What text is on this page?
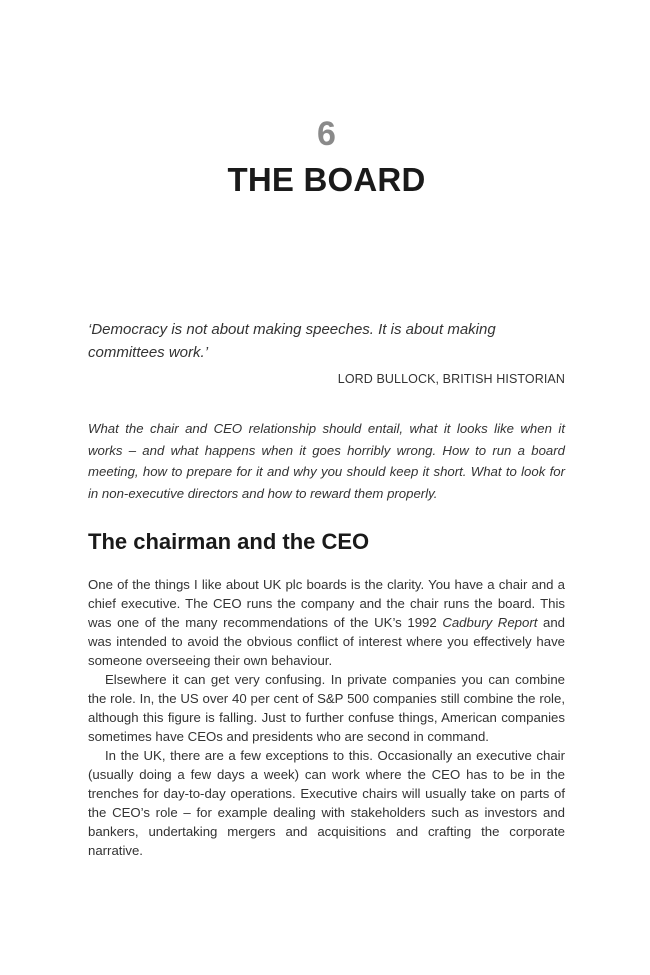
6
THE BOARD

‘Democracy is not about making speeches. It is about making committees work.’

LORD BULLOCK, BRITISH HISTORIAN

What the chair and CEO relationship should entail, what it looks like when it works – and what happens when it goes horribly wrong. How to run a board meeting, how to prepare for it and why you should keep it short. What to look for in non-executive directors and how to reward them properly.

The chairman and the CEO

One of the things I like about UK plc boards is the clarity. You have a chair and a chief executive. The CEO runs the company and the chair runs the board. This was one of the many recommendations of the UK’s 1992 Cadbury Report and was intended to avoid the obvious conflict of interest where you effectively have someone overseeing their own behaviour.

Elsewhere it can get very confusing. In private companies you can combine the role. In, the US over 40 per cent of S&P 500 companies still combine the role, although this figure is falling. Just to further confuse things, American companies sometimes have CEOs and presidents who are second in command.

In the UK, there are a few exceptions to this. Occasionally an executive chair (usually doing a few days a week) can work where the CEO has to be in the trenches for day-to-day operations. Executive chairs will usually take on parts of the CEO’s role – for example dealing with stakeholders such as investors and bankers, undertaking mergers and acquisitions and crafting the corporate narrative.
